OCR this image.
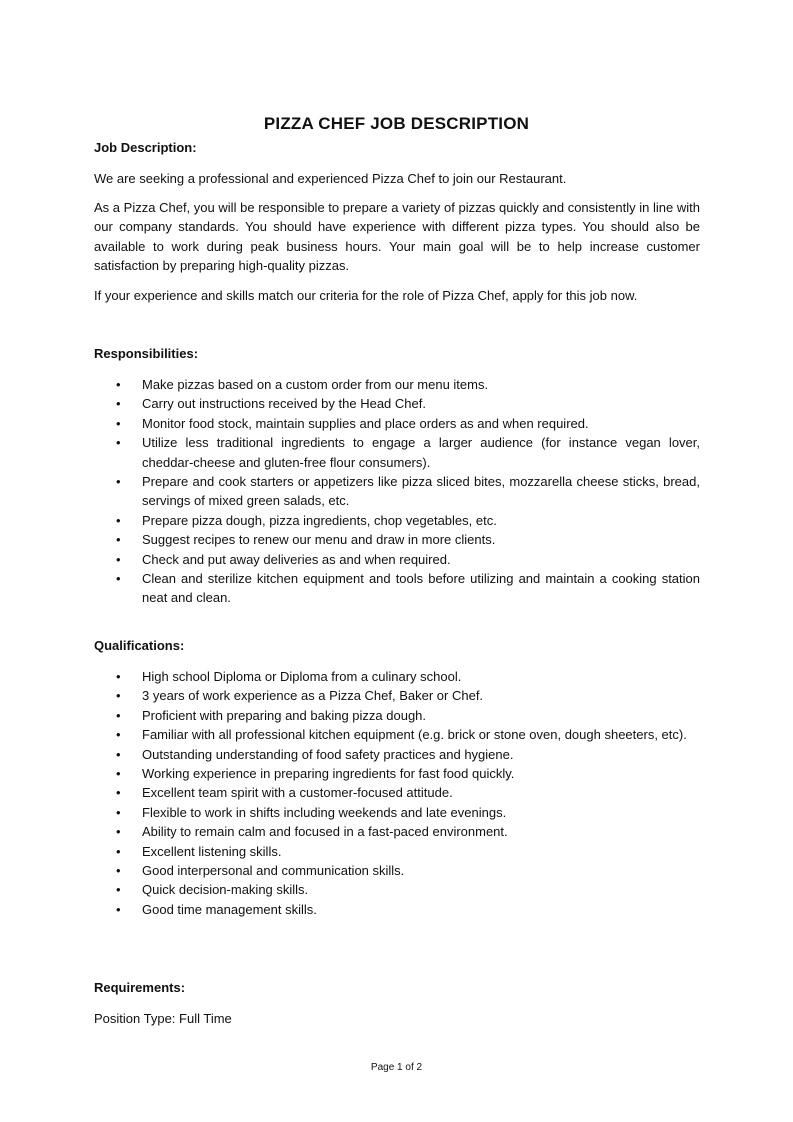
PIZZA CHEF JOB DESCRIPTION
Job Description:

We are seeking a professional and experienced Pizza Chef to join our Restaurant.

As a Pizza Chef, you will be responsible to prepare a variety of pizzas quickly and consistently in line with our company standards. You should have experience with different pizza types. You should also be available to work during peak business hours. Your main goal will be to help increase customer satisfaction by preparing high-quality pizzas.

If your experience and skills match our criteria for the role of Pizza Chef, apply for this job now.

Responsibilities:
• Make pizzas based on a custom order from our menu items.
• Carry out instructions received by the Head Chef.
• Monitor food stock, maintain supplies and place orders as and when required.
• Utilize less traditional ingredients to engage a larger audience (for instance vegan lover, cheddar-cheese and gluten-free flour consumers).
• Prepare and cook starters or appetizers like pizza sliced bites, mozzarella cheese sticks, bread, servings of mixed green salads, etc.
• Prepare pizza dough, pizza ingredients, chop vegetables, etc.
• Suggest recipes to renew our menu and draw in more clients.
• Check and put away deliveries as and when required.
• Clean and sterilize kitchen equipment and tools before utilizing and maintain a cooking station neat and clean.
Qualifications:
• High school Diploma or Diploma from a culinary school.
• 3 years of work experience as a Pizza Chef, Baker or Chef.
• Proficient with preparing and baking pizza dough.
• Familiar with all professional kitchen equipment (e.g. brick or stone oven, dough sheeters, etc).
• Outstanding understanding of food safety practices and hygiene.
• Working experience in preparing ingredients for fast food quickly.
• Excellent team spirit with a customer-focused attitude.
• Flexible to work in shifts including weekends and late evenings.
• Ability to remain calm and focused in a fast-paced environment.
• Excellent listening skills.
• Good interpersonal and communication skills.
• Quick decision-making skills.
• Good time management skills.
Requirements:
Position Type: Full Time
Page 1 of 2
